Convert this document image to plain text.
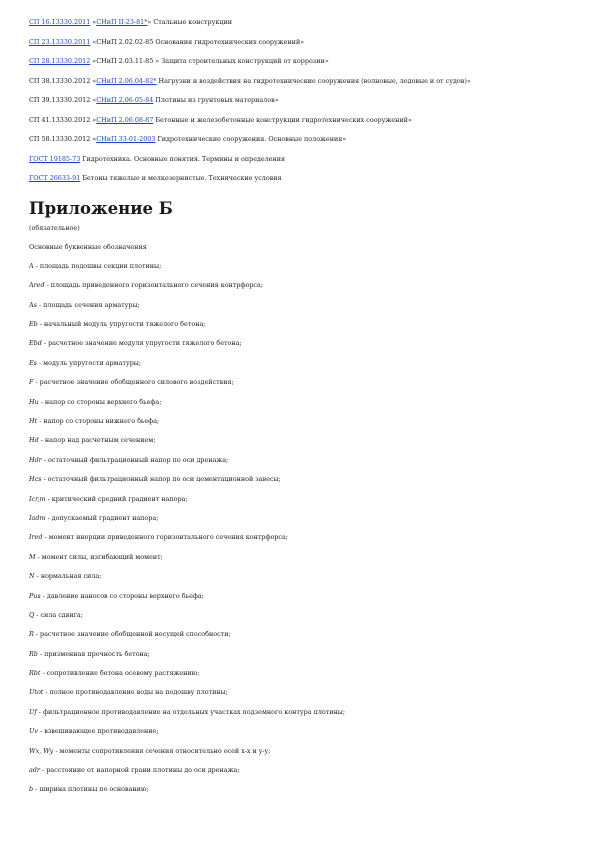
СП 16.13330.2011 «СНиП II-23-81*» Стальные конструкции
СП 23.13330.2011 «СНиП 2.02.02-85 Основания гидротехнических сооружений»
СП 28.13330.2012 «СНиП 2.03.11-85 « Защита строительных конструкций от коррозии»
СП 38.13330.2012 «СНиП 2.06.04-82* Нагрузки и воздействия на гидротехнические сооружения (волновые, ледовые и от судов)»
СП 39.13330.2012 «СНиП 2.06.05-84 Плотины из грунтовых материалов»
СП 41.13330.2012 «СНиП 2.06.08-87 Бетонные и железобетонные конструкции гидротехнических сооружений»
СП 58.13330.2012 «СНиП 33-01-2003 Гидротехнические сооружения. Основные положения»
ГОСТ 19185-73 Гидротехника. Основные понятия. Термины и определения
ГОСТ 26633-91 Бетоны тяжелые и мелкозернистые. Технические условия
Приложение Б
(обязательное)
Основные буквенные обозначения
A - площадь подошвы секции плотины;
Ared - площадь приведенного горизонтального сечения контрфорса;
As - площадь сечения арматуры;
Eb - начальный модуль упругости тяжелого бетона;
Ebd - расчетное значение модуля упругости тяжелого бетона;
Es - модуль упругости арматуры;
F - расчетное значение обобщенного силового воздействия;
Hu - напор со стороны верхнего бьефа;
Ht - напор со стороны нижнего бьефа;
Hd - напор над расчетным сечением;
Hdr - остаточный фильтрационный напор по оси дренажа;
Hcs - остаточный фильтрационный напор по оси цементационной завесы;
Icr,m - критический средний градиент напора;
Iadm - допускаемый градиент напора;
Ired - момент инерции приведенного горизонтального сечения контрфорса;
M - момент силы, изгибающий момент;
N - нормальная сила;
Pus - давление наносов со стороны верхнего бьефа;
Q - сила сдвига;
R - расчетное значение обобщенной несущей способности;
Rb - призменная прочность бетона;
Rbt - сопротивление бетона осевому растяжению;
Utot - полное противодавление воды на подошву плотины;
Uf - фильтрационное противодавление на отдельных участках подземного контура плотины;
Uv - взвешивающее противодавление;
Wx, Wy - моменты сопротивления сечения относительно осей x-x и y-y;
adr - расстояние от напорной грани плотины до оси дренажа;
b - ширина плотины по основанию;
